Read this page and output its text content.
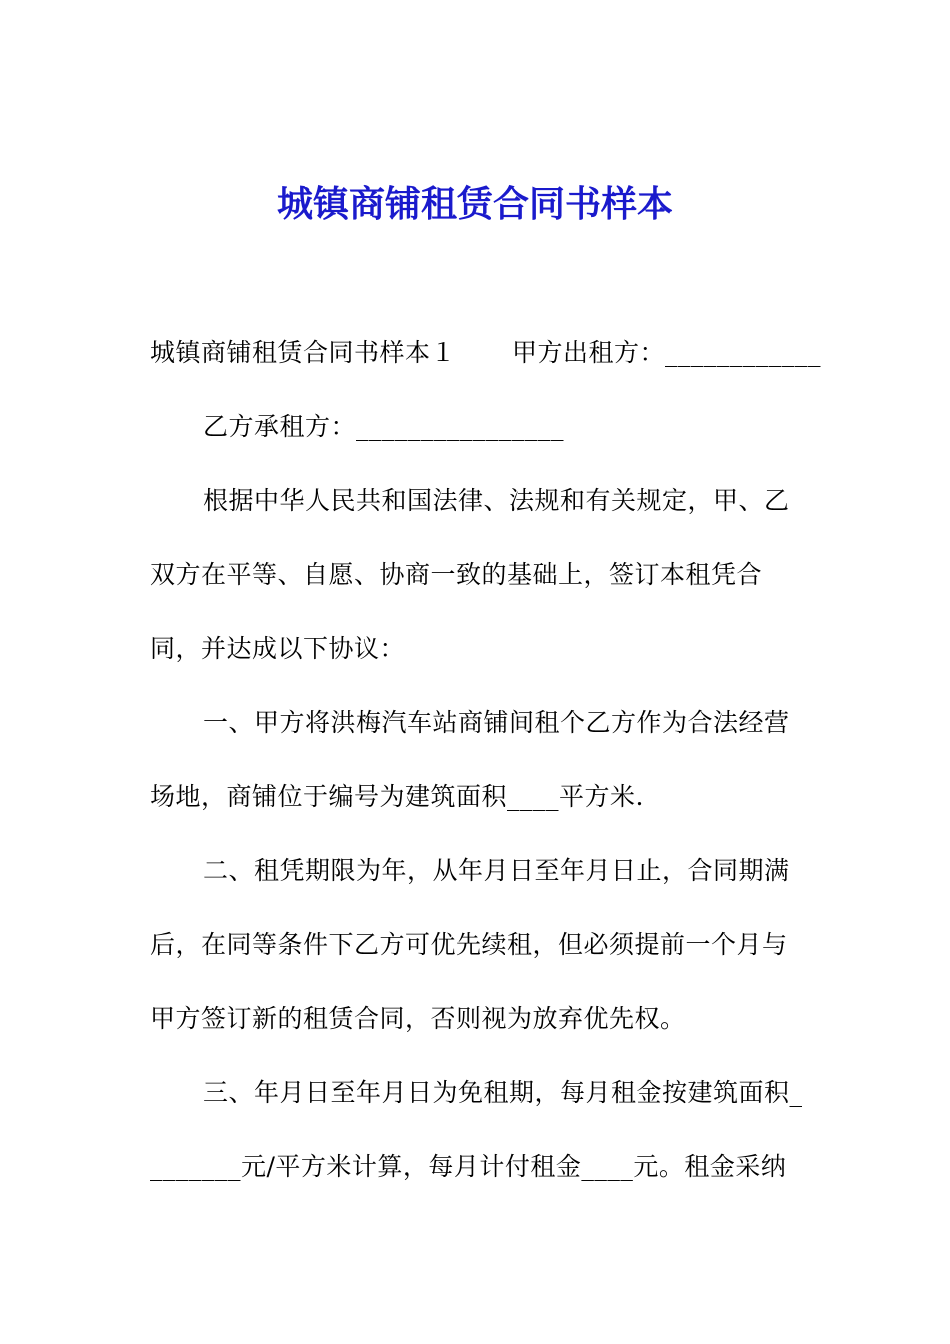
城镇商铺租赁合同书样本
城镇商铺租赁合同书样本１ 甲方出租方：____________
乙方承租方：________________
根据中华人民共和国法律、法规和有关规定，甲、乙
双方在平等、自愿、协商一致的基础上，签订本租凭合
同，并达成以下协议：
一、甲方将洪梅汽车站商铺间租个乙方作为合法经营
场地，商铺位于编号为建筑面积____平方米.
二、租凭期限为年，从年月日至年月日止，合同期满
后，在同等条件下乙方可优先续租，但必须提前一个月与
甲方签订新的租赁合同，否则视为放弃优先权。
三、年月日至年月日为免租期，每月租金按建筑面积_
_______元/平方米计算，每月计付租金____元。租金采纳
